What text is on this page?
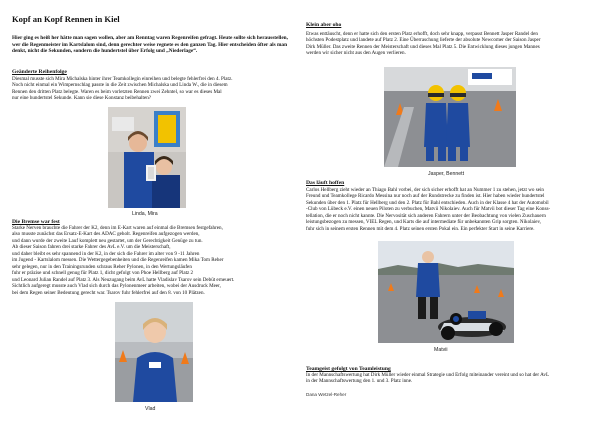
Kopf an Kopf Rennen in Kiel
Hier ging es heiß her hätte man sagen wollen, aber am Renntag waren Regenreifen gefragt. Heute sollte sich herausstellen, wer die Regenmeister im Kartslalom sind, denn gerechter weise regnete es den ganzen Tag. Hier entscheiden öfter als man denkt, nicht die Sekunden, sondern die hundertstel über Erfolg und „Niederlage“.
Geänderte Reihenfolge

Diesmal musste sich Mira Michalska hinter ihrer Teamkollegin einreihen und belegte fehlerfrei den 4. Platz.

Noch nicht einmal ein Wimpernschlag passte in die Zeit zwischen Michalska und Linda W., die in diesem

Rennen den dritten Platz belegte. Waren es beim vorletzten Rennen zwei Zehntel, so war es dieses Mal

nur eine hundertstel Sekunde. Kann sie diese Konstanz beibehalten?

Linda, Mira
Die Bremse war fest

Starke Nerven brauchte die Fahrer der K2, denn im E-Kart waren auf einmal die Bremsen festgefahren,

also musste zunächst das Ersatz-E-Kart des ADAC geholt. Regenreifen aufgezogen werden,

und dann wurde der zweite Lauf komplett neu gestartet, um der Gerechtigkeit Genüge zu tun.

Ab dieser Saison fahren drei starke Fahrer des AvL e.V. um die Meisterschaft,

und daher bleibt es sehr spannend in der K2, in der sich die Fahrer im alter von 9 -11 Jahren

im Jugend - Kartslalom messen. Die Wettergegebenheiten und die Regenreifen kamen Mika Tom Reher

sehr gelegen, nur in den Trainingsrunden schraus Reher Pylonen, in den Wertungsläufen

fuhr er präzise und schnell genug für Platz 1, dicht gefolgt von Phoe Hellberg auf Platz 2

und Leonard Julian Randel auf Platz 3. Als Neuzugang beim AvL hatte Vladislav Tsarov sein Debüt erneuert.

Sichtlich aufgeregt musste auch Vlad sich durch das Pylonenmeer arbeiten, wobei der Ausdruck Meer,

bei dem Regen seiner Bedeutung gerecht war. Tsarov fuhr fehlerfrei auf den 8. von 10 Plätzen.

Vlad
Klein aber oho

Etwas enttäuscht, denn er hatte sich den ersten Platz erhofft, doch sehr knapp, verpasst Bennett Jasper Randel den

höchsten Podestplatz und landete auf Platz 2. Eine Überraschung lieferte der absolute Newcomer der Saison Jasper

Dirk Müller. Das zweite Rennen der Meisterschaft und dieses Mal Platz 5. Die Entwicklung dieses jungen Mannes

werden wir sicher nicht aus den Augen verlieren.

Jasper, Bennett
Das läuft hoffen

Carlos Hellberg zieht wieder an Thiago Bahl vorbei, der sich sicher erhofft hat an Nummer 1 zu stehen, jetzt wo sein

Freund und Teamkollege Ricardo Messina nur noch auf der Rundstrecke zu finden ist. Hier haben wieder hundertstel

Sekunden über den 1. Platz für Hellberg und den 2. Platz für Bahl entschieden. Auch in der Klasse 4 hat der Automobil

-Club von Lübeck e.V. einen neuen Piloten zu verbuchen, Matvii Nikolaiev. Auch für Matvii bot dieser Tag eine Konss-

tellation, die er noch nicht kannte. Die Nervosität sich anderen Fahrern unter der Beobachtung von vielen Zuschauern

leistungsbezogen zu messen, VIEL Regen, und Karts die auf intermediate für unbekannten Grip sorgten. Nikolaiev,

fuhr sich in seinem ersten Rennen mit dem 4. Platz seinen ersten Pokal ein. Ein perfekter Start in seine Karriere.

Matvii
Teamgeist gefolgt von Teamleistung

In der Mannschaftswertung hat Dirk Müller wieder einmal Strategie und Erfolg miteinander vereint und so hat der AvL

in der Mannschaftswertung den 1. und 3. Platz inne.

Dana Wetzel-Reher
